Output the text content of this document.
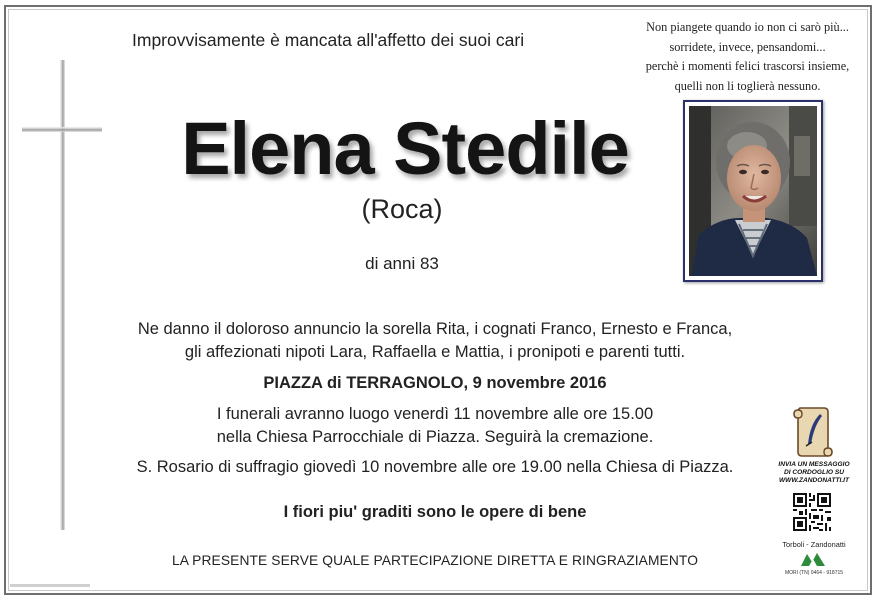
Improvvisamente è mancata all'affetto dei suoi cari
Non piangete quando io non ci sarò più...
sorridete, invece, pensandomi...
perchè i momenti felici trascorsi insieme,
quelli non li toglierà nessuno.
Elena Stedile
(Roca)
di anni 83
Ne danno il doloroso annuncio la sorella Rita, i cognati Franco, Ernesto e Franca,
gli affezionati nipoti Lara, Raffaella e Mattia, i pronipoti e parenti tutti.
PIAZZA di TERRAGNOLO, 9 novembre 2016
I funerali avranno luogo venerdì 11 novembre alle ore 15.00
nella Chiesa Parrocchiale di Piazza. Seguirà la cremazione.
S. Rosario di suffragio giovedì 10 novembre alle ore 19.00 nella Chiesa di Piazza.
I fiori piu' graditi sono le opere di bene
LA PRESENTE SERVE QUALE PARTECIPAZIONE DIRETTA E RINGRAZIAMENTO
INVIA UN MESSAGGIO
DI CORDOGLIO SU
WWW.ZANDONATTI.IT
Torboli - Zandonatti
MORI (TN) 0464 - 918715
